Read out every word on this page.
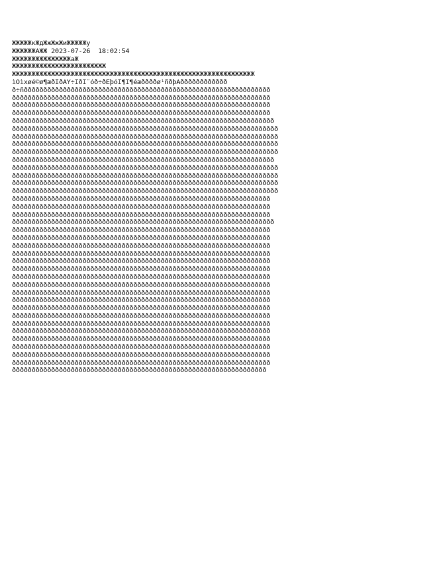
ЖЖЖЖЖкЖдЖжЖжЖиЖЖЖЖЖу
ЖЖЖЖЖЖАЖЖ 2023-07-26  18:02:54
ЖЖЖЖЖЖЖЖЖЖЖЖЖЖЖаЖ
ЖЖЖЖЖЖЖЖЖЖЖЖЖЖЖЖЖЖЖЖЖЖЖЖ
ЖЖЖЖЖЖЖЖЖЖЖЖЖЖЖЖЖЖЖЖЖЖЖЖЖЖЖЖЖЖЖЖЖЖЖЖЖЖЖЖЖЖЖЖЖЖЖЖЖЖЖЖЖЖЖЖЖЖЖЖЖЖ
ìÖìxøé©ø¶æðÍðÃÝ÷ÍðÍ¨óð÷ðÈþóÍ¶Í¶éæððððø¹ñðþÃðððððððððððð
ð÷ñððððððððððððððððððððððððððððððððððððððððððððððððððððððððððððððð
ðððððððððððððððððððððððððððððððððððððððððððððððððððððððððððððððððð
ðððððððððððððððððððððððððððððððððððððððððððððððððððððððððððððððððð
ðððððððððððððððððððððððððððððððððððððððððððððððððððððððððððððððððð
ððððððððððððððððððððððððððððððððððððððððððððððððððððððððððððððððððð
ðððððððððððððððððððððððððððððððððððððððððððððððððððððððððððððððððððð
ðððððððððððððððððððððððððððððððððððððððððððððððððððððððððððððððððððð
ðððððððððððððððððððððððððððððððððððððððððððððððððððððððððððððððððððð
ðððððððððððððððððððððððððððððððððððððððððððððððððððððððððððððððððððð
ððððððððððððððððððððððððððððððððððððððððððððððððððððððððððððððððððð
ðððððððððððððððððððððððððððððððððððððððððððððððððððððððððððððððððððð
ðððððððððððððððððððððððððððððððððððððððððððððððððððððððððððððððððððð
ðððððððððððððððððððððððððððððððððððððððððððððððððððððððððððððððððððð
ðððððððððððððððððððððððððððððððððððððððððððððððððððððððððððððððððððð
ðððððððððððððððððððððððððððððððððððððððððððððððððððððððððððððððððð
ðððððððððððððððððððððððððððððððððððððððððððððððððððððððððððððððððð
ðððððððððððððððððððððððððððððððððððððððððððððððððððððððððððððððððð
ððððððððððððððððððððððððððððððððððððððððððððððððððððððððððððððððððð
ðððððððððððððððððððððððððððððððððððððððððððððððððððððððððððððððððð
ðððððððððððððððððððððððððððððððððððððððððððððððððððððððððððððððððð
ðððððððððððððððððððððððððððððððððððððððððððððððððððððððððððððððððð
ðððððððððððððððððððððððððððððððððððððððððððððððððððððððððððððððððð
ðððððððððððððððððððððððððððððððððððððððððððððððððððððððððððððððððð
ðððððððððððððððððððððððððððððððððððððððððððððððððððððððððððððððððð
ðððððððððððððððððððððððððððððððððððððððððððððððððððððððððððððððððð
ðððððððððððððððððððððððððððððððððððððððððððððððððððððððððððððððððð
ðððððððððððððððððððððððððððððððððððððððððððððððððððððððððððððððððð
ðððððððððððððððððððððððððððððððððððððððððððððððððððððððððððððððððð
ðððððððððððððððððððððððððððððððððððððððððððððððððððððððððððððððððð
ðððððððððððððððððððððððððððððððððððððððððððððððððððððððððððððððððð
ðððððððððððððððððððððððððððððððððððððððððððððððððððððððððððððððððð
ðððððððððððððððððððððððððððððððððððððððððððððððððððððððððððððððððð
ðððððððððððððððððððððððððððððððððððððððððððððððððððððððððððððððððð
ðððððððððððððððððððððððððððððððððððððððððððððððððððððððððððððððððð
ðððððððððððððððððððððððððððððððððððððððððððððððððððððððððððððððððð
ðððððððððððððððððððððððððððððððððððððððððððððððððððððððððððððððððð
ððððððððððððððððððððððððððððððððððððððððððððððððððððððððððððððððð
